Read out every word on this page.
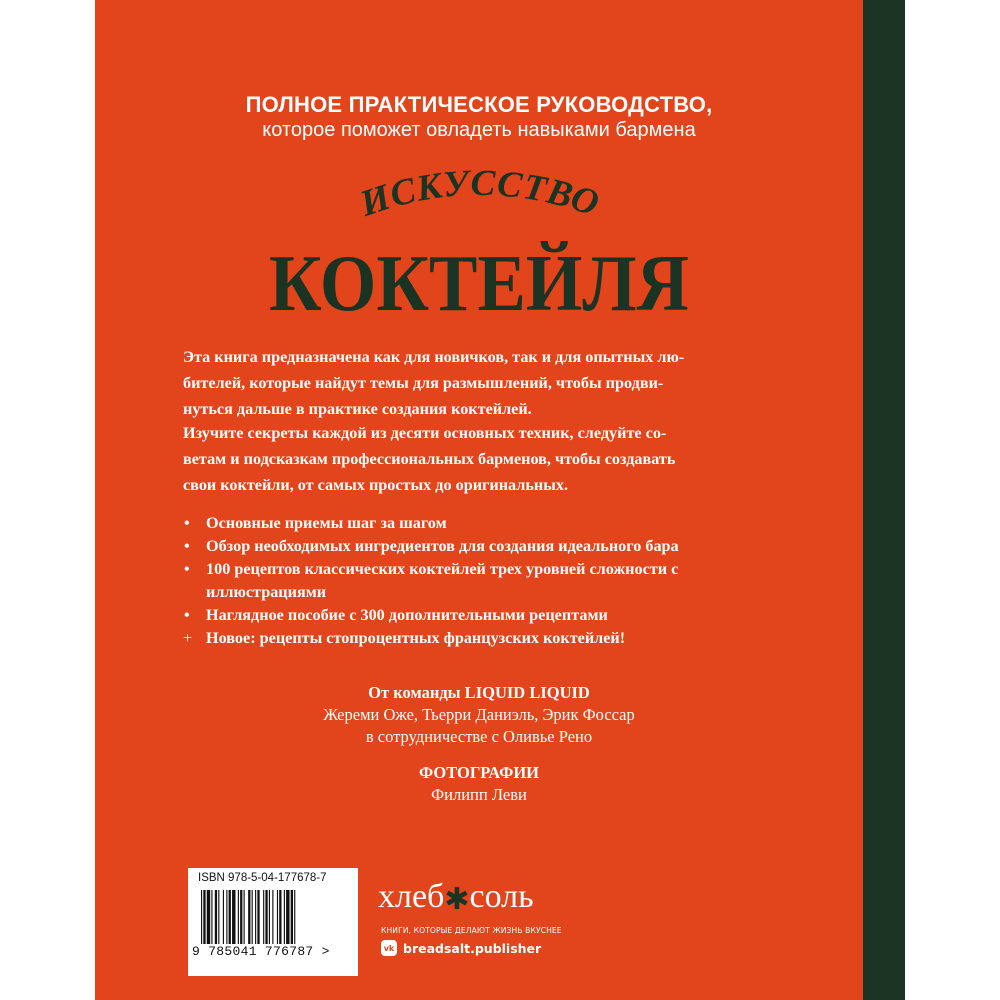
ПОЛНОЕ ПРАКТИЧЕСКОЕ РУКОВОДСТВО,
которое поможет овладеть навыками бармена
ИСКУССТВО
КОКТЕЙЛЯ
Эта книга предназначена как для новичков, так и для опытных лю-
бителей, которые найдут темы для размышлений, чтобы продви-
нуться дальше в практике создания коктейлей.
Изучите секреты каждой из десяти основных техник, следуйте со-
ветам и подсказкам профессиональных барменов, чтобы создавать
свои коктейли, от самых простых до оригинальных.
• Основные приемы шаг за шагом
• Обзор необходимых ингредиентов для создания идеального бара
• 100 рецептов классических коктейлей трех уровней сложности с иллюстрациями
• Наглядное пособие с 300 дополнительными рецептами
+ Новое: рецепты стопроцентных французских коктейлей!
От команды LIQUID LIQUID
Жереми Оже, Тьерри Даниэль, Эрик Фоссар
в сотрудничестве с Оливье Рено
ФОТОГРАФИИ
Филипп Леви
ISBN 978-5-04-177678-7
9 785041 776787 >
хлеб✱соль
КНИГИ, КОТОРЫЕ ДЕЛАЮТ ЖИЗНЬ ВКУСНЕЕ
vk breadsalt.publisher
